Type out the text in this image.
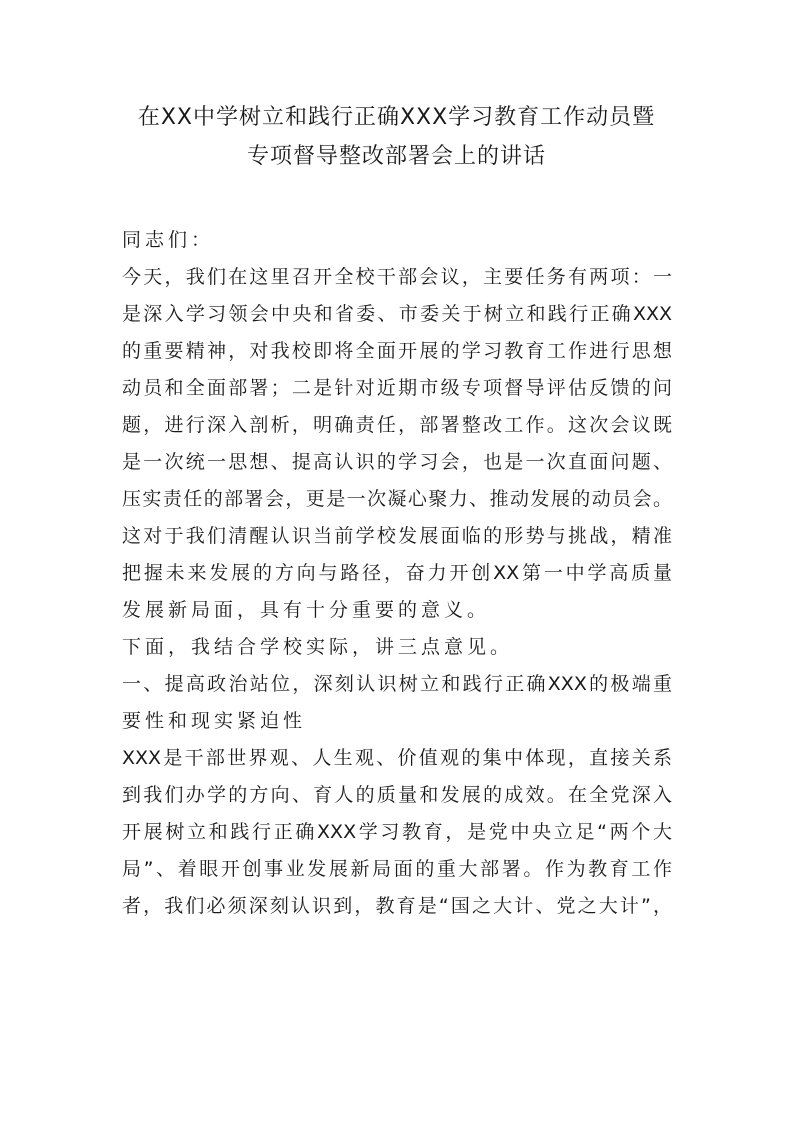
在XX中学树立和践行正确XXX学习教育工作动员暨
专项督导整改部署会上的讲话
同志们：
今天，我们在这里召开全校干部会议，主要任务有两项：一
是深入学习领会中央和省委、市委关于树立和践行正确XXX
的重要精神，对我校即将全面开展的学习教育工作进行思想
动员和全面部署；二是针对近期市级专项督导评估反馈的问
题，进行深入剖析，明确责任，部署整改工作。这次会议既
是一次统一思想、提高认识的学习会，也是一次直面问题、
压实责任的部署会，更是一次凝心聚力、推动发展的动员会。
这对于我们清醒认识当前学校发展面临的形势与挑战，精准
把握未来发展的方向与路径，奋力开创XX第一中学高质量
发展新局面，具有十分重要的意义。
下面，我结合学校实际，讲三点意见。
一、提高政治站位，深刻认识树立和践行正确XXX的极端重
要性和现实紧迫性
XXX是干部世界观、人生观、价值观的集中体现，直接关系
到我们办学的方向、育人的质量和发展的成效。在全党深入
开展树立和践行正确XXX学习教育，是党中央立足“两个大
局”、着眼开创事业发展新局面的重大部署。作为教育工作
者，我们必须深刻认识到，教育是“国之大计、党之大计”，
